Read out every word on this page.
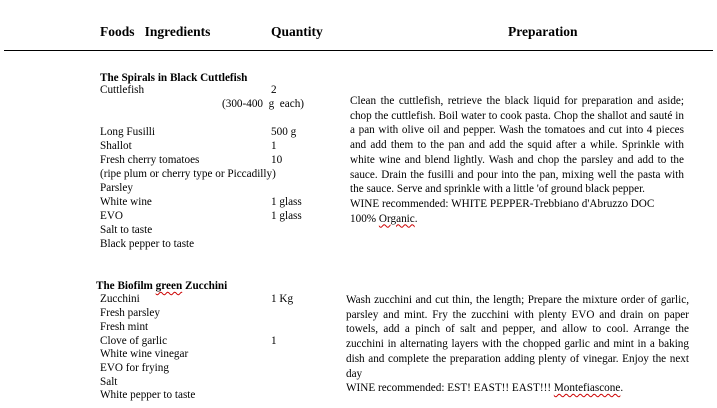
Foods   Ingredients	Quantity	Preparation
The Spirals in Black Cuttlefish
Cuttlefish	2
(300-400  g  each)
Long Fusilli	500 g
Shallot	1
Fresh cherry tomatoes	10
(ripe plum or cherry type or Piccadilly)
Parsley
White wine	1 glass
EVO	1 glass
Salt to taste
Black pepper to taste
Clean the cuttlefish, retrieve the black liquid for preparation and aside; chop the cuttlefish. Boil water to cook pasta. Chop the shallot and sauté in a pan with olive oil and pepper. Wash the tomatoes and cut into 4 pieces and add them to the pan and add the squid after a while. Sprinkle with white wine and blend lightly. Wash and chop the parsley and add to the sauce. Drain the fusilli and pour into the pan, mixing well the pasta with the sauce. Serve and sprinkle with a little 'of ground black pepper.
WINE recommended: WHITE PEPPER-Trebbiano d'Abruzzo DOC
100% Organic.
The Biofilm green Zucchini
Zucchini	1 Kg
Fresh parsley
Fresh mint
Clove of garlic	1
White wine vinegar
EVO for frying
Salt
White pepper to taste
Wash zucchini and cut thin, the length; Prepare the mixture order of garlic, parsley and mint. Fry the zucchini with plenty EVO and drain on paper towels, add a pinch of salt and pepper, and allow to cool. Arrange the zucchini in alternating layers with the chopped garlic and mint in a baking dish and complete the preparation adding plenty of vinegar. Enjoy the next day
WINE recommended: EST! EAST!! EAST!!! Montefiascone.
